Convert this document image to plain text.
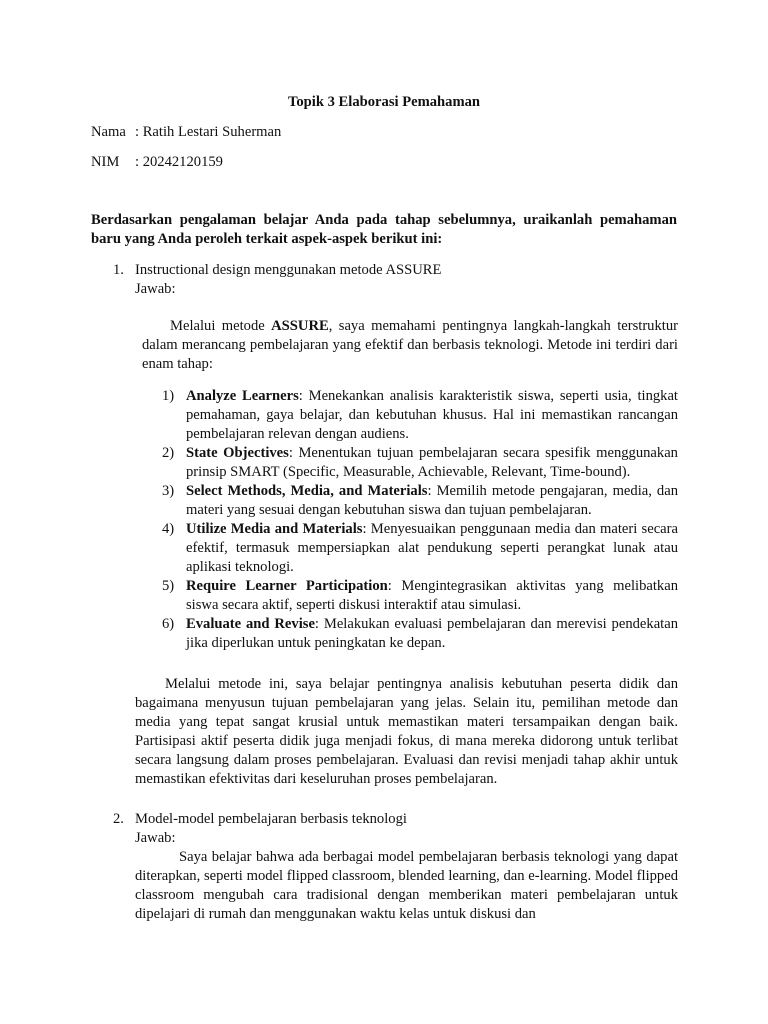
Topik 3 Elaborasi Pemahaman
Nama : Ratih Lestari Suherman
NIM : 20242120159
Berdasarkan pengalaman belajar Anda pada tahap sebelumnya, uraikanlah pemahaman baru yang Anda peroleh terkait aspek-aspek berikut ini:
1. Instructional design menggunakan metode ASSURE
Jawab:
Melalui metode ASSURE, saya memahami pentingnya langkah-langkah terstruktur dalam merancang pembelajaran yang efektif dan berbasis teknologi. Metode ini terdiri dari enam tahap:
1) Analyze Learners: Menekankan analisis karakteristik siswa, seperti usia, tingkat pemahaman, gaya belajar, dan kebutuhan khusus. Hal ini memastikan rancangan pembelajaran relevan dengan audiens.
2) State Objectives: Menentukan tujuan pembelajaran secara spesifik menggunakan prinsip SMART (Specific, Measurable, Achievable, Relevant, Time-bound).
3) Select Methods, Media, and Materials: Memilih metode pengajaran, media, dan materi yang sesuai dengan kebutuhan siswa dan tujuan pembelajaran.
4) Utilize Media and Materials: Menyesuaikan penggunaan media dan materi secara efektif, termasuk mempersiapkan alat pendukung seperti perangkat lunak atau aplikasi teknologi.
5) Require Learner Participation: Mengintegrasikan aktivitas yang melibatkan siswa secara aktif, seperti diskusi interaktif atau simulasi.
6) Evaluate and Revise: Melakukan evaluasi pembelajaran dan merevisi pendekatan jika diperlukan untuk peningkatan ke depan.
Melalui metode ini, saya belajar pentingnya analisis kebutuhan peserta didik dan bagaimana menyusun tujuan pembelajaran yang jelas. Selain itu, pemilihan metode dan media yang tepat sangat krusial untuk memastikan materi tersampaikan dengan baik. Partisipasi aktif peserta didik juga menjadi fokus, di mana mereka didorong untuk terlibat secara langsung dalam proses pembelajaran. Evaluasi dan revisi menjadi tahap akhir untuk memastikan efektivitas dari keseluruhan proses pembelajaran.
2. Model-model pembelajaran berbasis teknologi
Jawab:
Saya belajar bahwa ada berbagai model pembelajaran berbasis teknologi yang dapat diterapkan, seperti model flipped classroom, blended learning, dan e-learning. Model flipped classroom mengubah cara tradisional dengan memberikan materi pembelajaran untuk dipelajari di rumah dan menggunakan waktu kelas untuk diskusi dan
